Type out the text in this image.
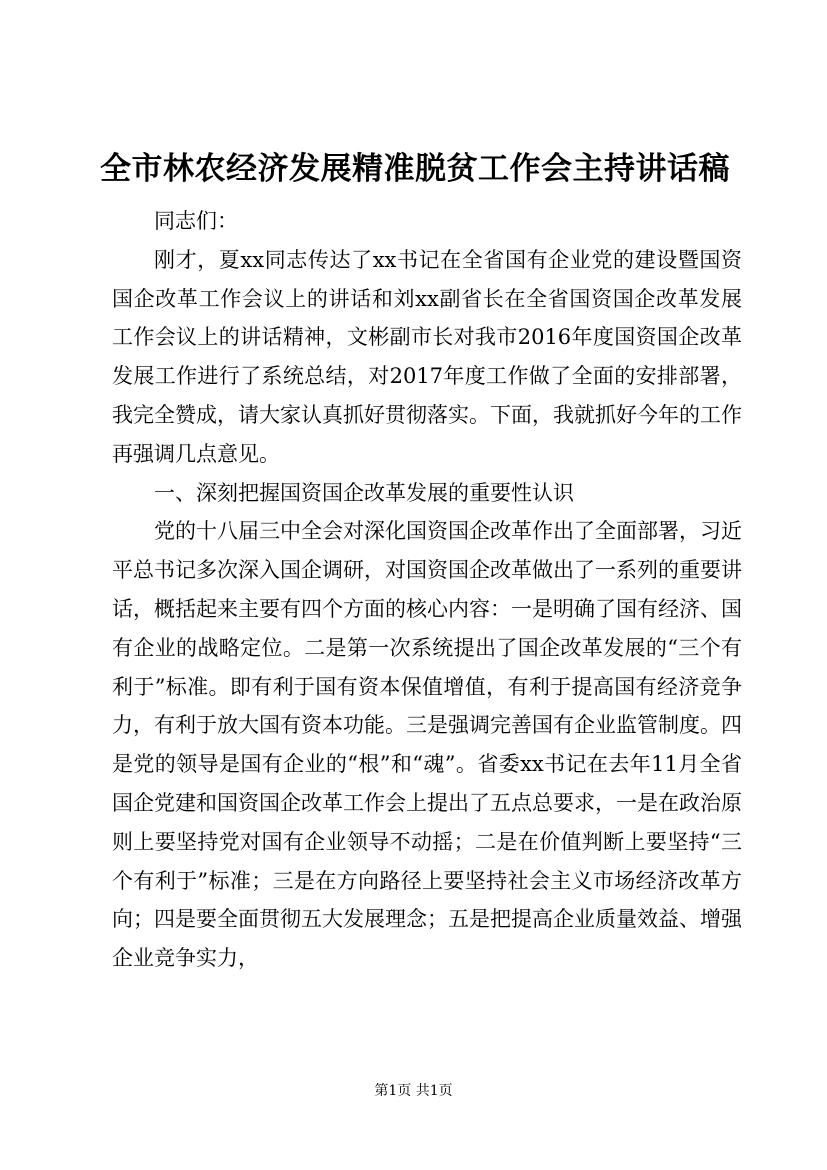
全市林农经济发展精准脱贫工作会主持讲话稿

同志们：

刚才，夏xx同志传达了xx书记在全省国有企业党的建设暨国资国企改革工作会议上的讲话和刘xx副省长在全省国资国企改革发展工作会议上的讲话精神，文彬副市长对我市2016年度国资国企改革发展工作进行了系统总结，对2017年度工作做了全面的安排部署，我完全赞成，请大家认真抓好贯彻落实。下面，我就抓好今年的工作再强调几点意见。

一、深刻把握国资国企改革发展的重要性认识

党的十八届三中全会对深化国资国企改革作出了全面部署，习近平总书记多次深入国企调研，对国资国企改革做出了一系列的重要讲话，概括起来主要有四个方面的核心内容：一是明确了国有经济、国有企业的战略定位。二是第一次系统提出了国企改革发展的“三个有利于”标准。即有利于国有资本保值增值，有利于提高国有经济竞争力，有利于放大国有资本功能。三是强调完善国有企业监管制度。四是党的领导是国有企业的“根”和“魂”。省委xx书记在去年11月全省国企党建和国资国企改革工作会上提出了五点总要求，一是在政治原则上要坚持党对国有企业领导不动摇；二是在价值判断上要坚持“三个有利于”标准；三是在方向路径上要坚持社会主义市场经济改革方向；四是要全面贯彻五大发展理念；五是把提高企业质量效益、增强企业竞争实力，

第1页 共1页
